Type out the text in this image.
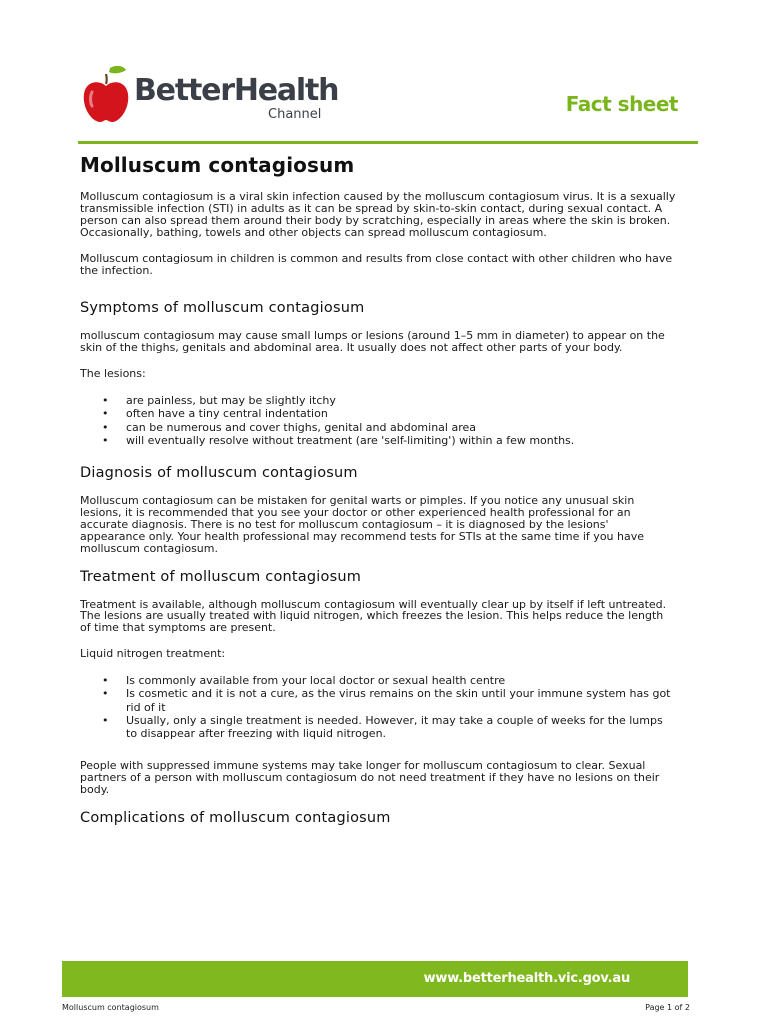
BetterHealth
Channel	Fact sheet
Molluscum contagiosum

Molluscum contagiosum is a viral skin infection caused by the molluscum contagiosum virus. It is a sexually transmissible infection (STI) in adults as it can be spread by skin-to-skin contact, during sexual contact. A person can also spread them around their body by scratching, especially in areas where the skin is broken. Occasionally, bathing, towels and other objects can spread molluscum contagiosum.

Molluscum contagiosum in children is common and results from close contact with other children who have the infection.

Symptoms of molluscum contagiosum

molluscum contagiosum may cause small lumps or lesions (around 1–5 mm in diameter) to appear on the skin of the thighs, genitals and abdominal area. It usually does not affect other parts of your body.

The lesions:

• are painless, but may be slightly itchy
• often have a tiny central indentation
• can be numerous and cover thighs, genital and abdominal area
• will eventually resolve without treatment (are 'self-limiting') within a few months.
Diagnosis of molluscum contagiosum

Molluscum contagiosum can be mistaken for genital warts or pimples. If you notice any unusual skin lesions, it is recommended that you see your doctor or other experienced health professional for an accurate diagnosis. There is no test for molluscum contagiosum – it is diagnosed by the lesions' appearance only. Your health professional may recommend tests for STIs at the same time if you have molluscum contagiosum.

Treatment of molluscum contagiosum

Treatment is available, although molluscum contagiosum will eventually clear up by itself if left untreated. The lesions are usually treated with liquid nitrogen, which freezes the lesion. This helps reduce the length of time that symptoms are present.

Liquid nitrogen treatment:

• Is commonly available from your local doctor or sexual health centre
• Is cosmetic and it is not a cure, as the virus remains on the skin until your immune system has got rid of it
• Usually, only a single treatment is needed. However, it may take a couple of weeks for the lumps to disappear after freezing with liquid nitrogen.

People with suppressed immune systems may take longer for molluscum contagiosum to clear. Sexual partners of a person with molluscum contagiosum do not need treatment if they have no lesions on their body.

Complications of molluscum contagiosum
www.betterhealth.vic.gov.au
Molluscum contagiosum	Page 1 of 2
